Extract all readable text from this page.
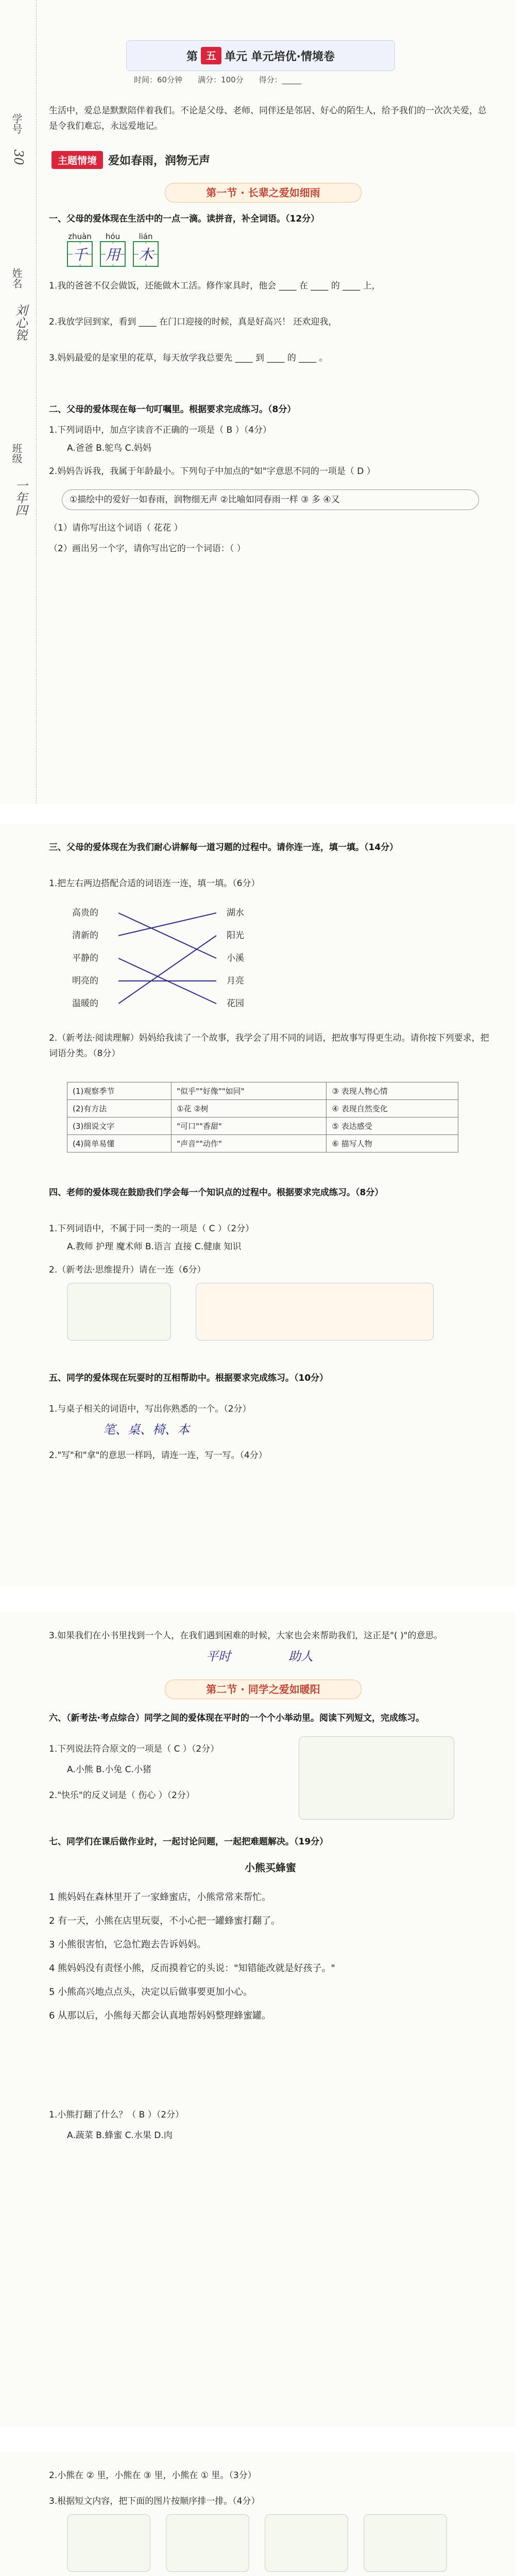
学号
30
姓名
刘心锐
班级
一年四
第 五 单元 单元培优·情境卷
时间：60分钟 满分：100分 得分：_____
生活中，爱总是默默陪伴着我们。不论是父母、老师、同伴还是邻居、好心的陌生人，给予我们的一次次关爱，总是令我们难忘，永远爱地记。
主题情境	爱如春雨，润物无声
第一节 · 长辈之爱如细雨
一、父母的爱体现在生活中的一点一滴。读拼音，补全词语。（12分）
zhuàn
千
hóu
用
lián
木
1.我的爸爸不仅会做饭，还能做木工活。修作家具时，他会 ____ 在 ____ 的 ____ 上，
2.我放学回到家，看到 ____ 在门口迎接的时候，真是好高兴！ 还欢迎我，
3.妈妈最爱的是家里的花草，每天放学我总要先 ____ 到 ____ 的 ____ 。
二、父母的爱体现在每一句叮嘱里。根据要求完成练习。（8分）
1.下列词语中，加点字读音不正确的一项是（ B ）（4分）
A.爸爸 B.鸵鸟 C.妈妈
2.妈妈告诉我，我属于年龄最小。下列句子中加点的"如"字意思不同的一项是（ D ）
①描绘中的爱好一如春雨，润物细无声 ②比喻如同春雨一样 ③ 多 ④又
（1）请你写出这个词语（ 花花 ）
（2）画出另一个字，请你写出它的一个词语：（ ）
三、父母的爱体现在为我们耐心讲解每一道习题的过程中。请你连一连，填一填。（14分）
1.把左右两边搭配合适的词语连一连，填一填。（6分）
高贵的
清新的
平静的
明亮的
温暖的
湖水
阳光
小溪
月亮
花园
2.（新考法·阅读理解）妈妈给我读了一个故事，我学会了用不同的词语，把故事写得更生动。请你按下列要求，把词语分类。（8分）
(1)观察季节	"似乎""好像""如同"	③ 表现人物心情
(2)有方法	①花 ②树	④ 表现自然变化
(3)细说文字	"可口""香甜"	⑤ 表达感受
(4)简单易懂	"声音""动作"	⑥ 描写人物
四、老师的爱体现在鼓励我们学会每一个知识点的过程中。根据要求完成练习。（8分）
1.下列词语中，不属于同一类的一项是（ C ）（2分）
A.教师 护理 魔术师 B.语言 直接 C.健康 知识
2.（新考法·思维提升）请在一连（6分）
五、同学的爱体现在玩耍时的互相帮助中。根据要求完成练习。（10分）
1.与桌子相关的词语中，写出你熟悉的一个。（2分）
笔、桌、椅、本
2."写"和"拿"的意思一样吗，请连一连，写一写。（4分）
3.如果我们在小书里找到一个人，在我们遇到困难的时候，大家也会来帮助我们，这正是"( )"的意思。
平时	助人
第二节 · 同学之爱如暖阳
六、（新考法·考点综合）同学之间的爱体现在平时的一个个小举动里。阅读下列短文，完成练习。
1.下列说法符合原文的一项是（ C ）（2分）
A.小熊 B.小兔 C.小猪
2."快乐"的反义词是（ 伤心 ）（2分）
七、同学们在课后做作业时，一起讨论问题，一起把难题解决。（19分）
小熊买蜂蜜
1 熊妈妈在森林里开了一家蜂蜜店，小熊常常来帮忙。
2 有一天，小熊在店里玩耍，不小心把一罐蜂蜜打翻了。
3 小熊很害怕，它急忙跑去告诉妈妈。
4 熊妈妈没有责怪小熊，反而摸着它的头说："知错能改就是好孩子。"
5 小熊高兴地点点头，决定以后做事要更加小心。
6 从那以后，小熊每天都会认真地帮妈妈整理蜂蜜罐。
1.小熊打翻了什么？（ B ）（2分）
A.蔬菜 B.蜂蜜 C.水果 D.肉
2.小熊在 ② 里，小熊在 ③ 里，小熊在 ① 里。（3分）
3.根据短文内容，把下面的图片按顺序排一排。（4分）
